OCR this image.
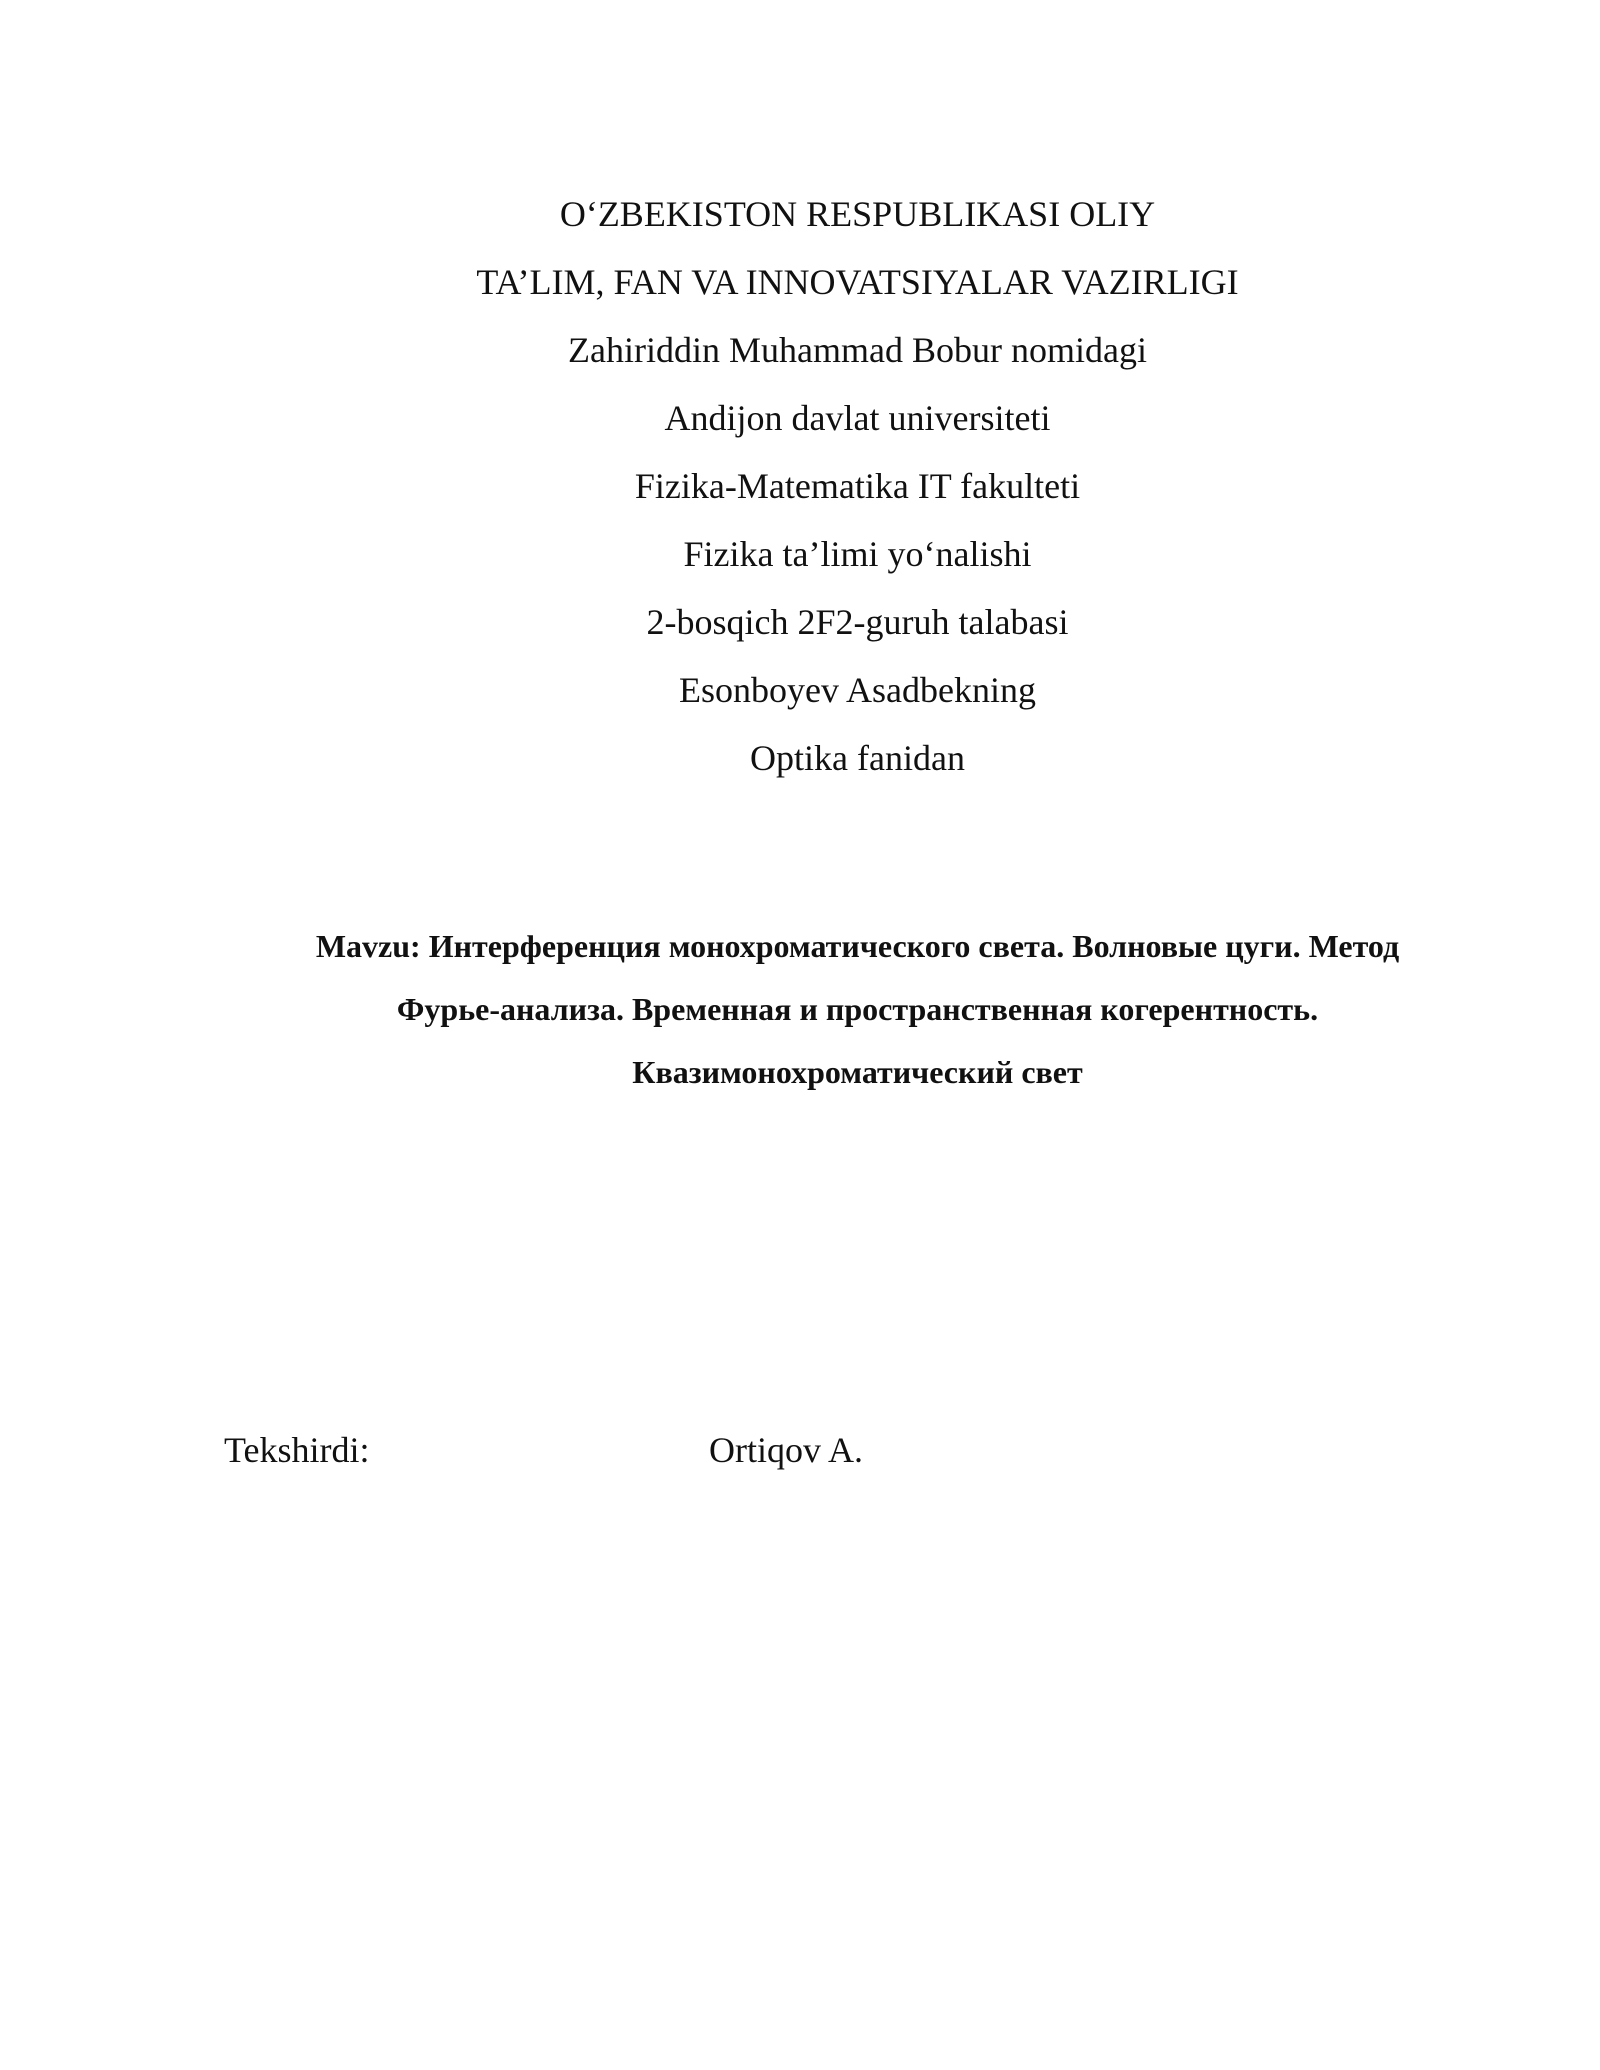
O‘ZBEKISTON RESPUBLIKASI OLIY
TA’LIM, FAN VA INNOVATSIYALAR VAZIRLIGI
Zahiriddin Muhammad Bobur nomidagi
Andijon davlat universiteti
Fizika-Matematika IT fakulteti
Fizika ta’limi yo‘nalishi
2-bosqich 2F2-guruh talabasi
Esonboyev Asadbekning
Optika fanidan
Mavzu: Интерференция монохроматического света. Волновые цуги. Метод
Фурье-анализа. Временная и пространственная когерентность.
Квазимонохроматический свет
Tekshirdi:	Ortiqov A.
